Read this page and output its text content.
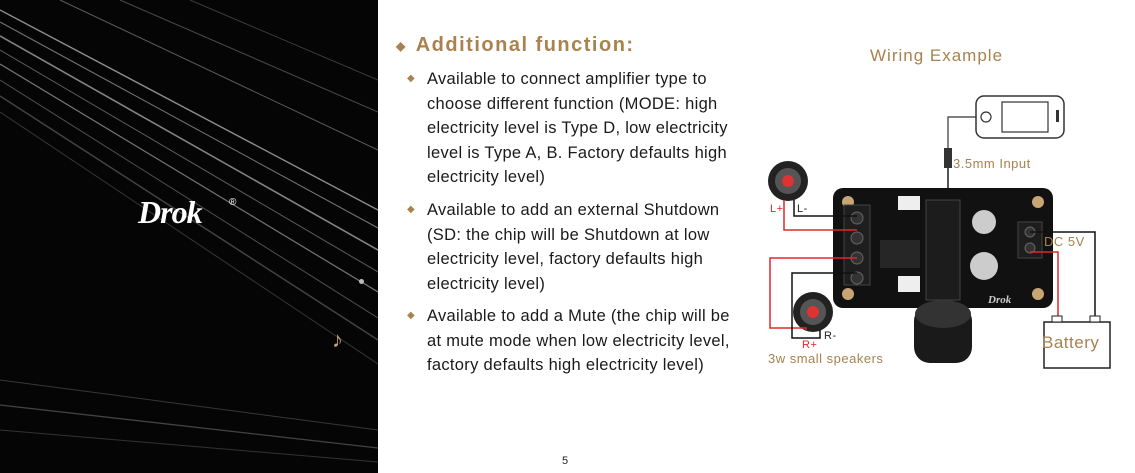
Drok	®
♪
◆ Additional function:
◆ Available to connect amplifier type to choose different function (MODE: high electricity level is Type D, low electricity level is Type A, B. Factory defaults high electricity level)
◆ Available to add an external Shutdown (SD: the chip will be Shutdown at low electricity level, factory defaults high electricity level)
◆ Available to add a Mute (the chip will be at mute mode when low electricity level, factory defaults high electricity level)
5
Wiring Example
Drok
3.5mm Input
DC 5V
Battery
3w small speakers
L+ L-
R+
R-
